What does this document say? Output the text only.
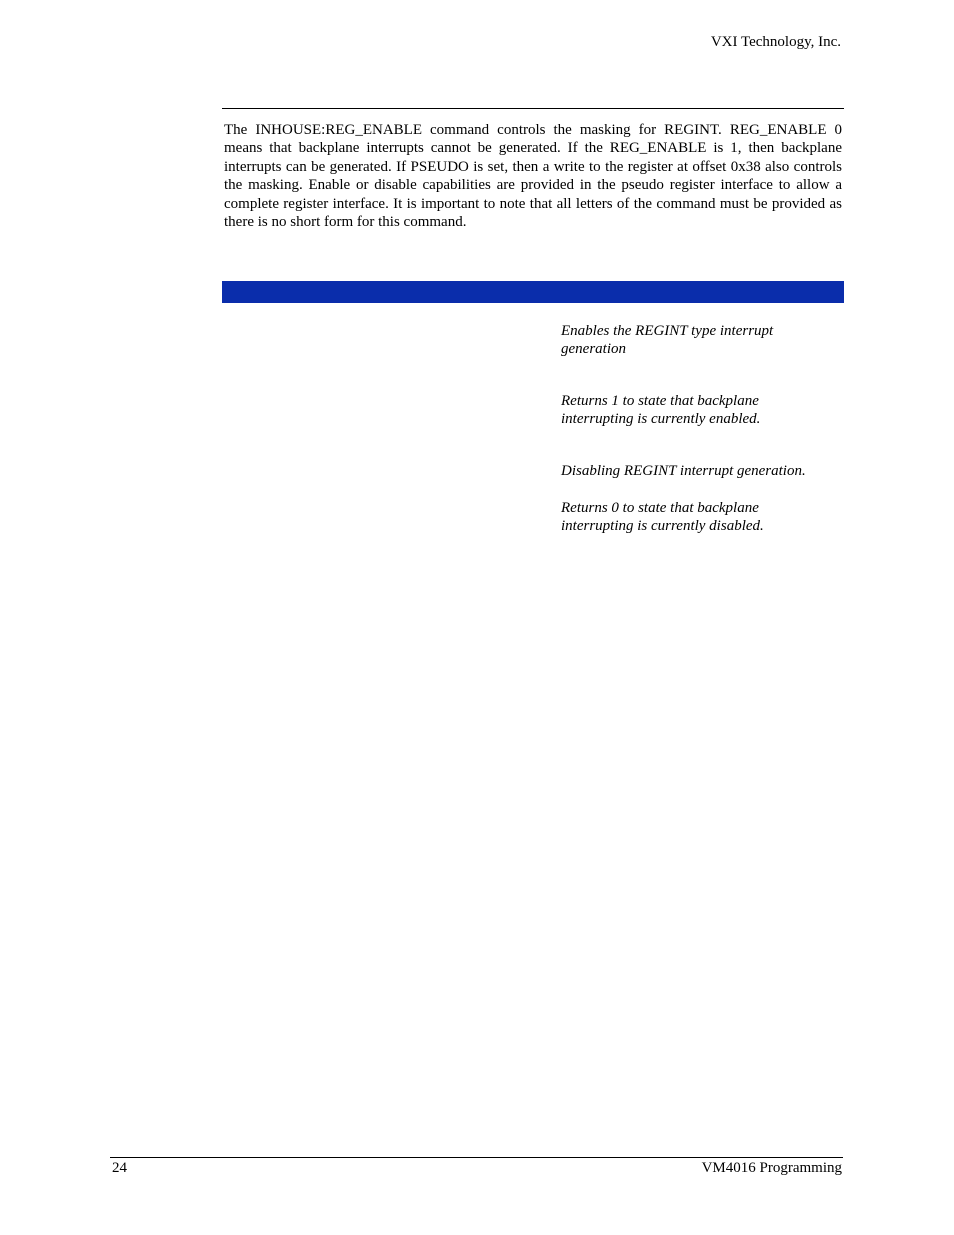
VXI Technology, Inc.

The INHOUSE:REG_ENABLE command controls the masking for REGINT. REG_ENABLE 0 means that backplane interrupts cannot be generated. If the REG_ENABLE is 1, then backplane interrupts can be generated. If PSEUDO is set, then a write to the register at offset 0x38 also controls the masking. Enable or disable capabilities are provided in the pseudo register interface to allow a complete register interface. It is important to note that all letters of the command must be provided as there is no short form for this command.

Enables the REGINT type interrupt generation

Returns 1 to state that backplane interrupting is currently enabled.

Disabling REGINT interrupt generation.

Returns 0 to state that backplane interrupting is currently disabled.

24	VM4016 Programming
